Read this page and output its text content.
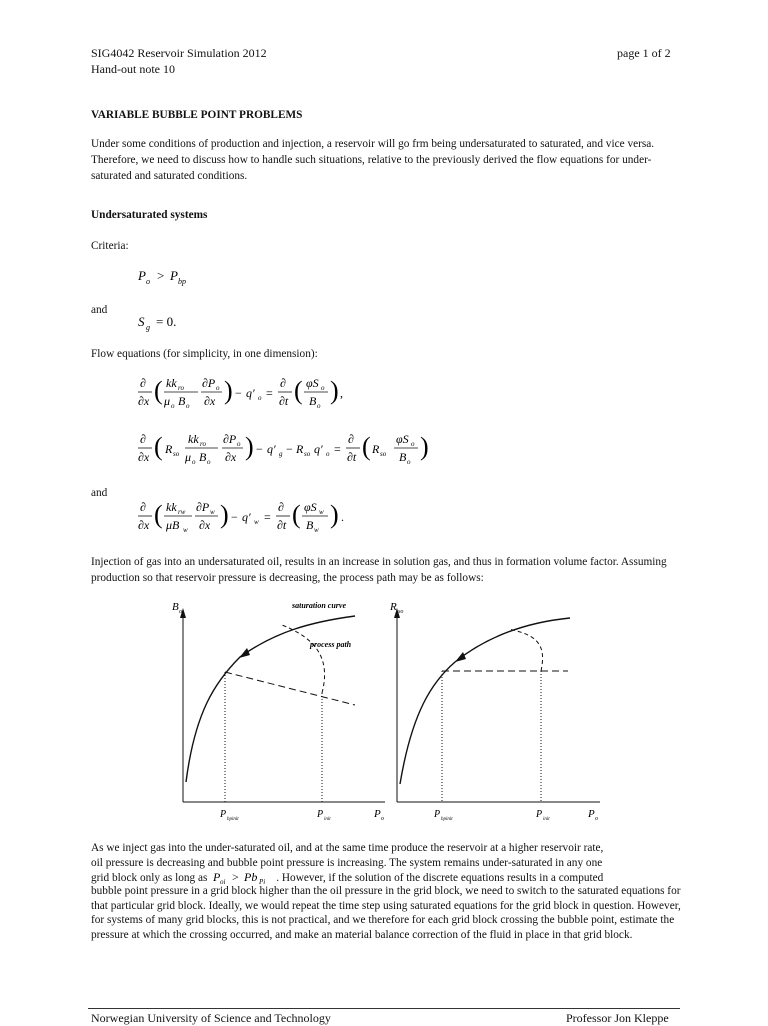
SIG4042 Reservoir Simulation 2012
Hand-out note 10
page 1 of 2
VARIABLE BUBBLE POINT PROBLEMS

Under some conditions of production and injection, a reservoir will go frm being undersaturated to saturated, and vice versa. Therefore, we need to discuss how to handle such situations, relative to the previously derived the flow equations for under-saturated and saturated conditions.

Undersaturated systems
Criteria:
P o > P bp
and
S g = 0.
Flow equations (for simplicity, in one dimension):
∂
∂x ( kk ro
μ o B o
∂P o
∂x ) − q′ o =
∂
∂t ( φS o
B o
) ,
∂
∂x ( R so
kk ro
μ o B o
∂P o
∂x ) − q′ g − R so q′ o =
∂
∂t ( R so
φS o
B o
)
and
∂
∂x ( kk rw
μB w
∂P w
∂x ) − q′ w =
∂
∂t ( φS w
B w
) .

Injection of gas into an undersaturated oil, results in an increase in solution gas, and thus in formation volume factor. Assuming production so that reservoir pressure is decreasing, the process path may be as follows:

B o
P o
saturation curve
process path
P bpinit	P init
R so
P o
P bpinit	P init
As we inject gas into the under-saturated oil, and at the same time produce the reservoir at a higher reservoir rate,
oil pressure is decreasing and bubble point pressure is increasing. The system remains under-saturated in any one
grid block only as long as P oi > Pb Pi . However, if the solution of the discrete equations results in a computed

bubble point pressure in a grid block higher than the oil pressure in the grid block, we need to switch to the saturated equations for that particular grid block. Ideally, we would repeat the time step using saturated equations for the grid block in question. However, for systems of many grid blocks, this is not practical, and we therefore for each grid block crossing the bubble point, estimate the pressure at which the crossing occurred, and make an material balance correction of the fluid in place in that grid block.

Norwegian University of Science and Technology	Professor Jon Kleppe
